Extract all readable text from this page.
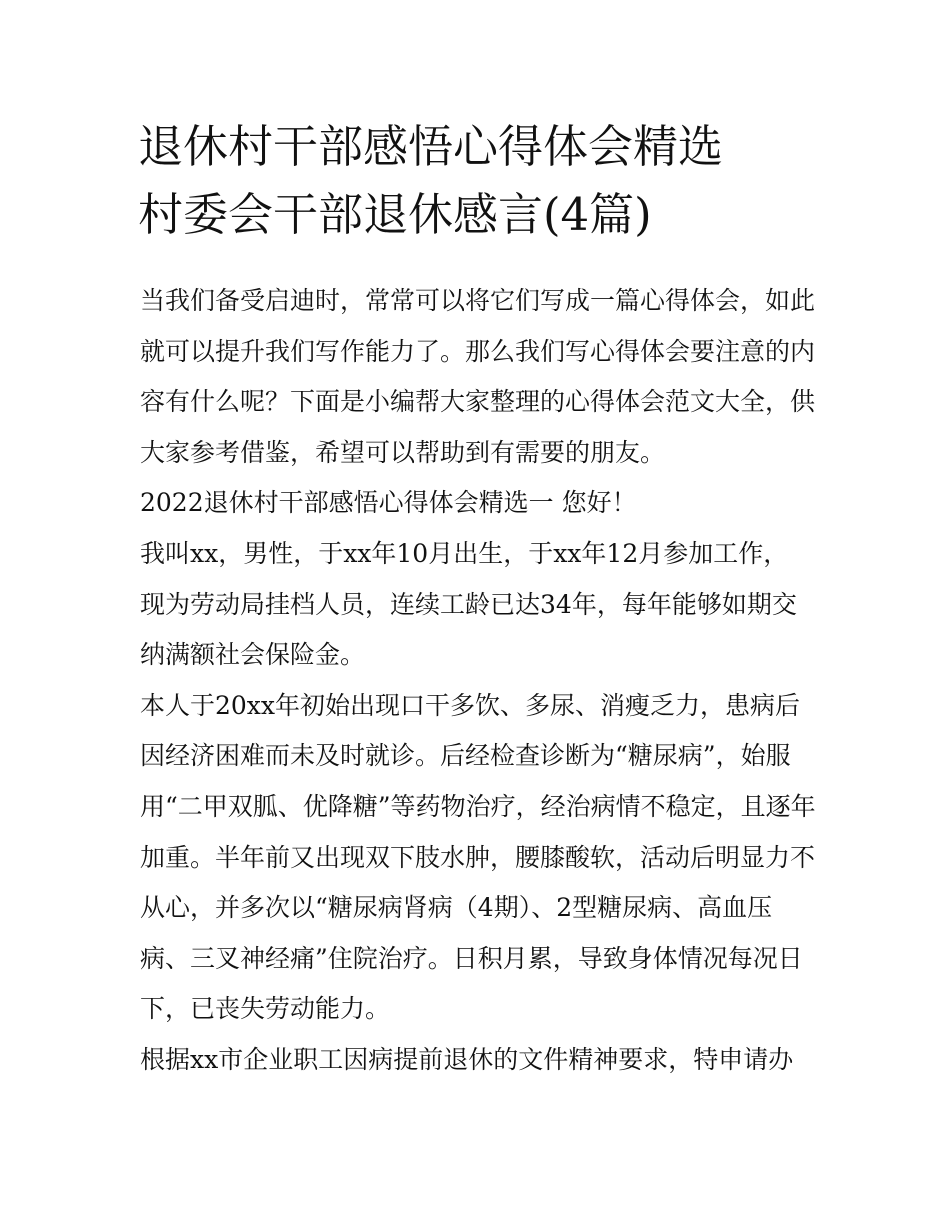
退休村干部感悟心得体会精选
村委会干部退休感言(4篇)

当我们备受启迪时，常常可以将它们写成一篇心得体会，如此

就可以提升我们写作能力了。那么我们写心得体会要注意的内

容有什么呢？下面是小编帮大家整理的心得体会范文大全，供

大家参考借鉴，希望可以帮助到有需要的朋友。

2022退休村干部感悟心得体会精选一 您好！

我叫xx，男性，于xx年10月出生，于xx年12月参加工作，

现为劳动局挂档人员，连续工龄已达34年，每年能够如期交

纳满额社会保险金。

本人于20xx年初始出现口干多饮、多尿、消瘦乏力，患病后

因经济困难而未及时就诊。后经检查诊断为“糖尿病”，始服

用“二甲双胍、优降糖”等药物治疗，经治病情不稳定，且逐年

加重。半年前又出现双下肢水肿，腰膝酸软，活动后明显力不

从心，并多次以“糖尿病肾病（4期）、2型糖尿病、高血压

病、三叉神经痛”住院治疗。日积月累，导致身体情况每况日

下，已丧失劳动能力。

根据xx市企业职工因病提前退休的文件精神要求，特申请办
